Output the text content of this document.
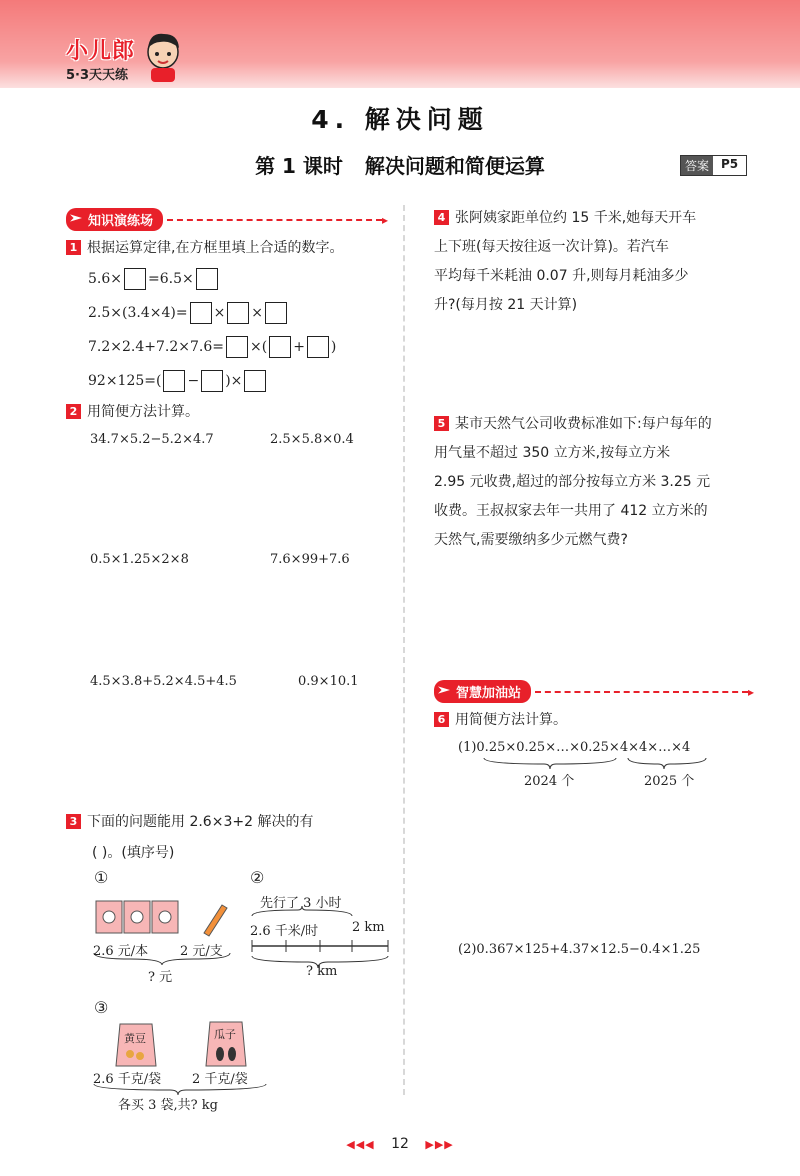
小儿郎
5·3天天练
4. 解决问题
第 1 课时 解决问题和简便运算	答案	P5
知识演练场	▸
1 根据运算定律,在方框里填上合适的数字。
5.6× =6.5×
2.5×(3.4×4)= × ×
7.2×2.4+7.2×7.6= ×( + )
92×125=( − )×
2 用简便方法计算。
34.7×5.2−5.2×4.7	2.5×5.8×0.4
0.5×1.25×2×8	7.6×99+7.6
4.5×3.8+5.2×4.5+4.5	0.9×10.1
3 下面的问题能用 2.6×3+2 解决的有
( )。(填序号)
①	②
③
2.6 元/本 2 元/支
? 元
先行了 3 小时
2.6 千米/时	2 km
? km
黄豆	瓜子
2.6 千克/袋 2 千克/袋
各买 3 袋,共? kg
4 张阿姨家距单位约 15 千米,她每天开车
上下班(每天按往返一次计算)。若汽车
平均每千米耗油 0.07 升,则每月耗油多少
升?(每月按 21 天计算)
5 某市天然气公司收费标准如下:每户每年的
用气量不超过 350 立方米,按每立方米
2.95 元收费,超过的部分按每立方米 3.25 元
收费。王叔叔家去年一共用了 412 立方米的
天然气,需要缴纳多少元燃气费?
智慧加油站	▸
6 用简便方法计算。
(1)0.25×0.25×…×0.25×4×4×…×4
2024 个	2025 个
(2)0.367×125+4.37×12.5−0.4×1.25
◀◀◀ 12 ▶▶▶
